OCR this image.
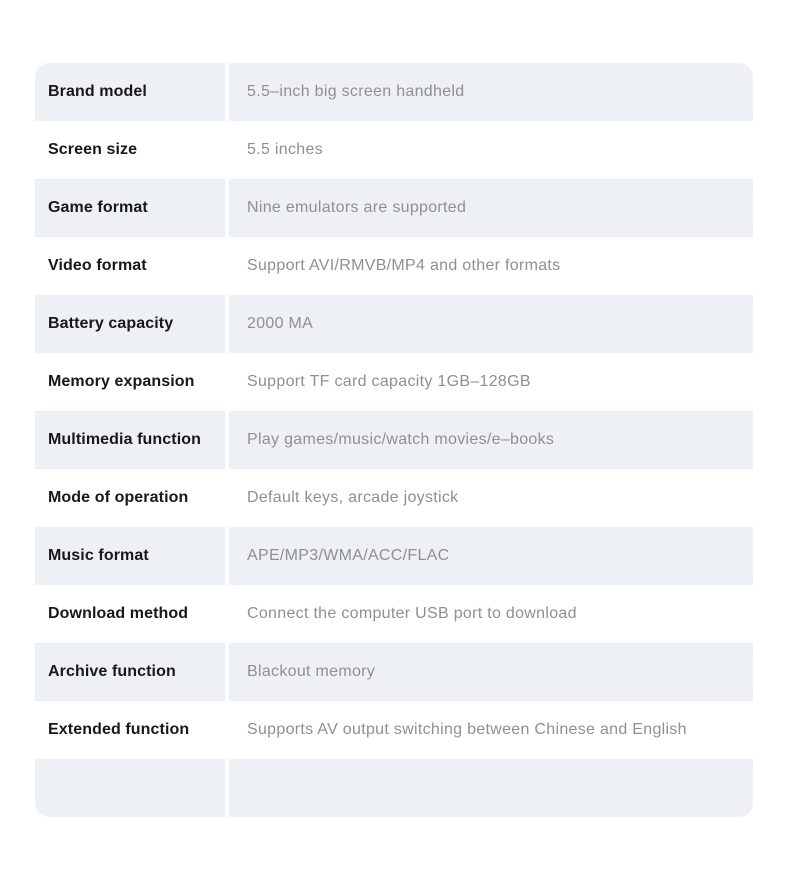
Brand model	5.5–inch big screen handheld
Screen size	5.5 inches
Game format	Nine emulators are supported
Video format	Support AVI/RMVB/MP4 and other formats
Battery capacity	2000 MA
Memory expansion	Support TF card capacity 1GB–128GB
Multimedia function	Play games/music/watch movies/e–books
Mode of operation	Default keys, arcade joystick
Music format	APE/MP3/WMA/ACC/FLAC
Download method	Connect the computer USB port to download
Archive function	Blackout memory
Extended function	Supports AV output switching between Chinese and English
